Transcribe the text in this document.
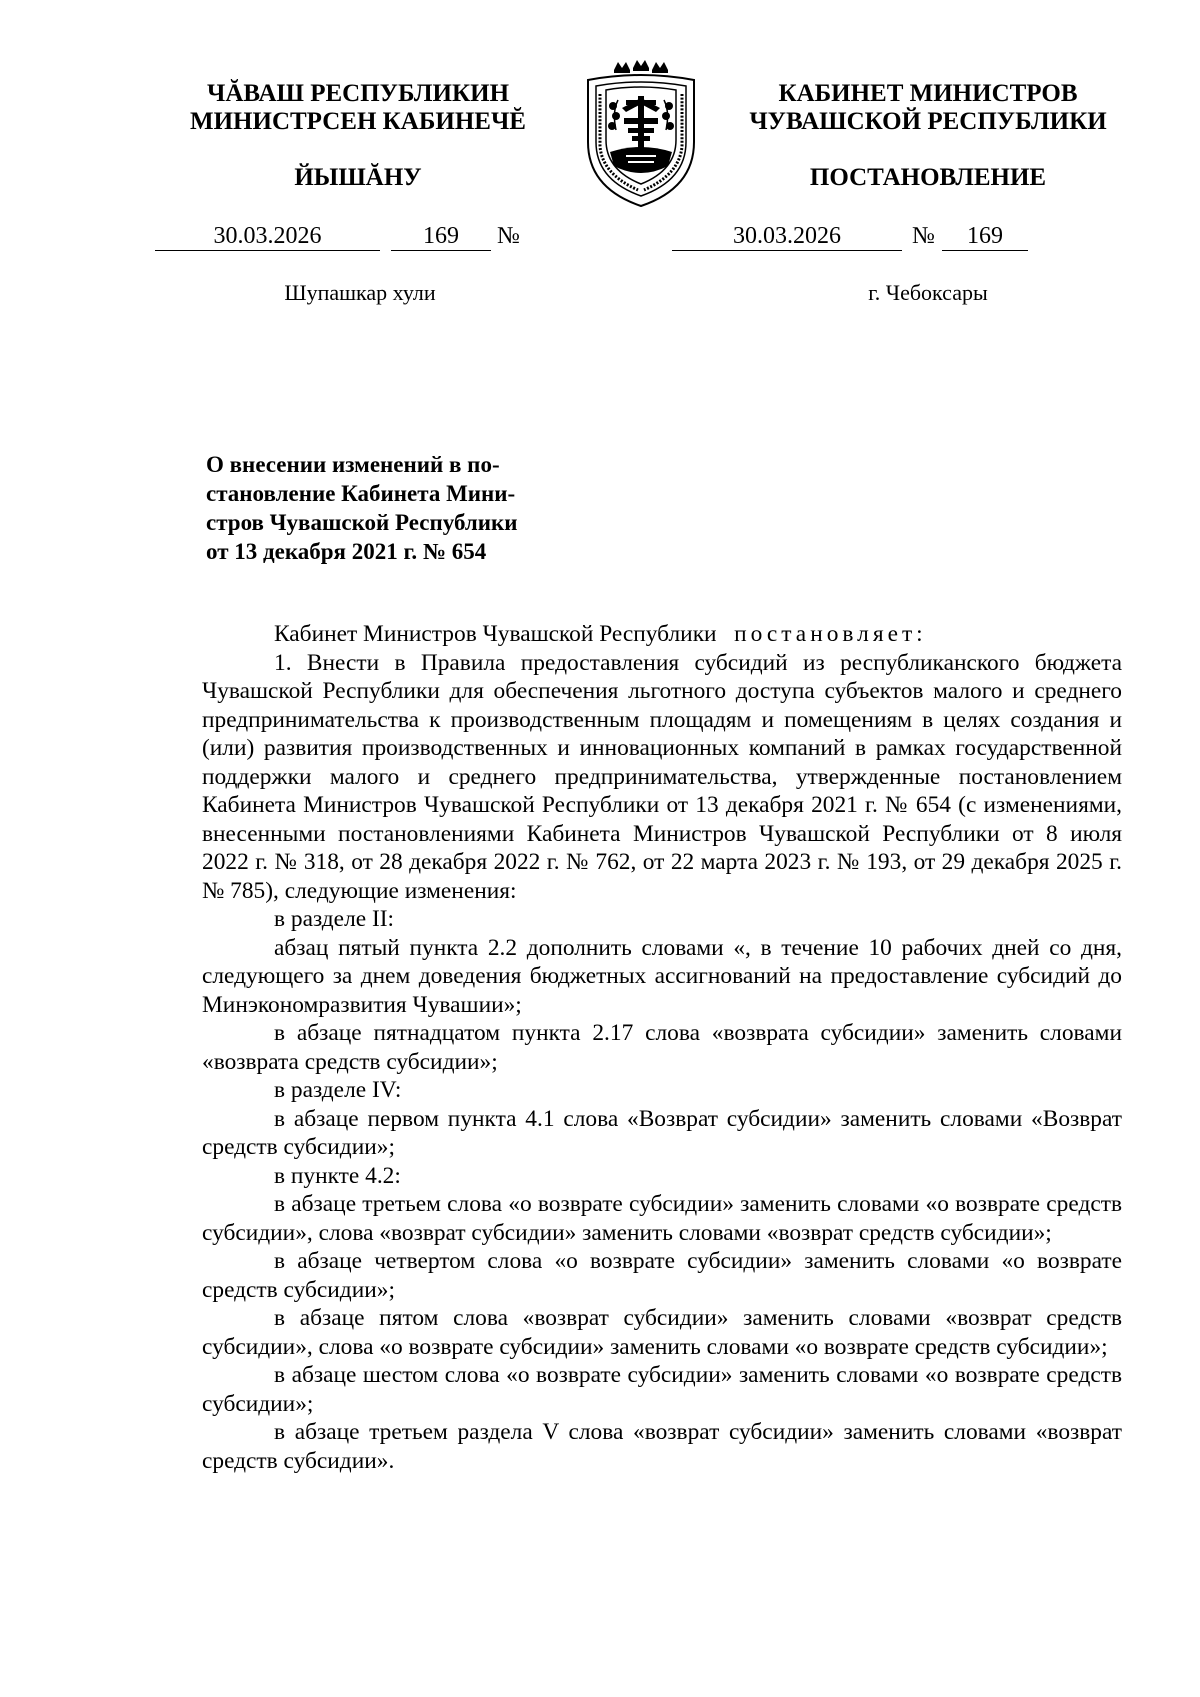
ЧĂВАШ РЕСПУБЛИКИН
МИНИСТРСЕН КАБИНЕЧĔ
ЙЫШĂНУ
КАБИНЕТ МИНИСТРОВ
ЧУВАШСКОЙ РЕСПУБЛИКИ
ПОСТАНОВЛЕНИЕ
30.03.2026	169	№	30.03.2026	№	169
Шупашкар хули	г. Чебоксары
О внесении изменений в по-
становление Кабинета Мини-
стров Чувашской Республики
от 13 декабря 2021 г. № 654

Кабинет Министров Чувашской Республики постановляет:

1. Внести в Правила предоставления субсидий из республиканского бюджета Чувашской Республики для обеспечения льготного доступа субъектов малого и среднего предпринимательства к производственным площадям и помещениям в целях создания и (или) развития производственных и инновационных компаний в рамках государственной поддержки малого и среднего предпринимательства, утвержденные постановлением Кабинета Министров Чувашской Республики от 13 декабря 2021 г. № 654 (с изменениями, внесенными постановлениями Кабинета Министров Чувашской Республики от 8 июля 2022 г. № 318, от 28 декабря 2022 г. № 762, от 22 марта 2023 г. № 193, от 29 декабря 2025 г. № 785), следующие изменения:

в разделе II:

абзац пятый пункта 2.2 дополнить словами «, в течение 10 рабочих дней со дня, следующего за днем доведения бюджетных ассигнований на предоставление субсидий до Минэкономразвития Чувашии»;

в абзаце пятнадцатом пункта 2.17 слова «возврата субсидии» заменить словами «возврата средств субсидии»;

в разделе IV:

в абзаце первом пункта 4.1 слова «Возврат субсидии» заменить словами «Возврат средств субсидии»;

в пункте 4.2:

в абзаце третьем слова «о возврате субсидии» заменить словами «о возврате средств субсидии», слова «возврат субсидии» заменить словами «возврат средств субсидии»;

в абзаце четвертом слова «о возврате субсидии» заменить словами «о возврате средств субсидии»;

в абзаце пятом слова «возврат субсидии» заменить словами «возврат средств субсидии», слова «о возврате субсидии» заменить словами «о возврате средств субсидии»;

в абзаце шестом слова «о возврате субсидии» заменить словами «о возврате средств субсидии»;

в абзаце третьем раздела V слова «возврат субсидии» заменить словами «возврат средств субсидии».
